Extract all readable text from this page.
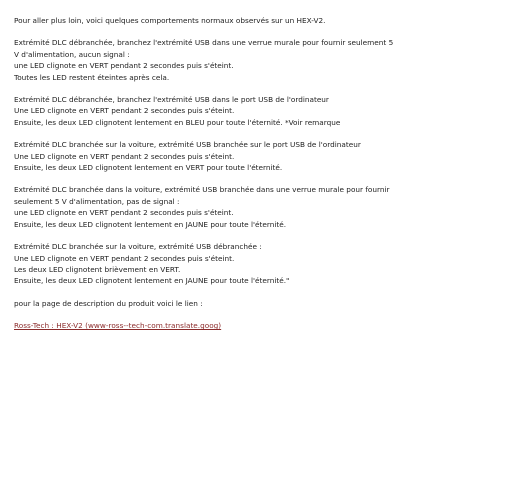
Pour aller plus loin, voici quelques comportements normaux observés sur un HEX-V2.

Extrémité DLC débranchée, branchez l'extrémité USB dans une verrue murale pour fournir seulement 5
V d'alimentation, aucun signal :
une LED clignote en VERT pendant 2 secondes puis s'éteint.
Toutes les LED restent éteintes après cela.

Extrémité DLC débranchée, branchez l'extrémité USB dans le port USB de l'ordinateur
Une LED clignote en VERT pendant 2 secondes puis s'éteint.
Ensuite, les deux LED clignotent lentement en BLEU pour toute l'éternité. *Voir remarque

Extrémité DLC branchée sur la voiture, extrémité USB branchée sur le port USB de l'ordinateur
Une LED clignote en VERT pendant 2 secondes puis s'éteint.
Ensuite, les deux LED clignotent lentement en VERT pour toute l'éternité.

Extrémité DLC branchée dans la voiture, extrémité USB branchée dans une verrue murale pour fournir
seulement 5 V d'alimentation, pas de signal :
une LED clignote en VERT pendant 2 secondes puis s'éteint.
Ensuite, les deux LED clignotent lentement en JAUNE pour toute l'éternité.

Extrémité DLC branchée sur la voiture, extrémité USB débranchée :
Une LED clignote en VERT pendant 2 secondes puis s'éteint.
Les deux LED clignotent brièvement en VERT.
Ensuite, les deux LED clignotent lentement en JAUNE pour toute l'éternité."

pour la page de description du produit voici le lien :

Ross-Tech : HEX-V2 (www-ross--tech-com.translate.goog)
